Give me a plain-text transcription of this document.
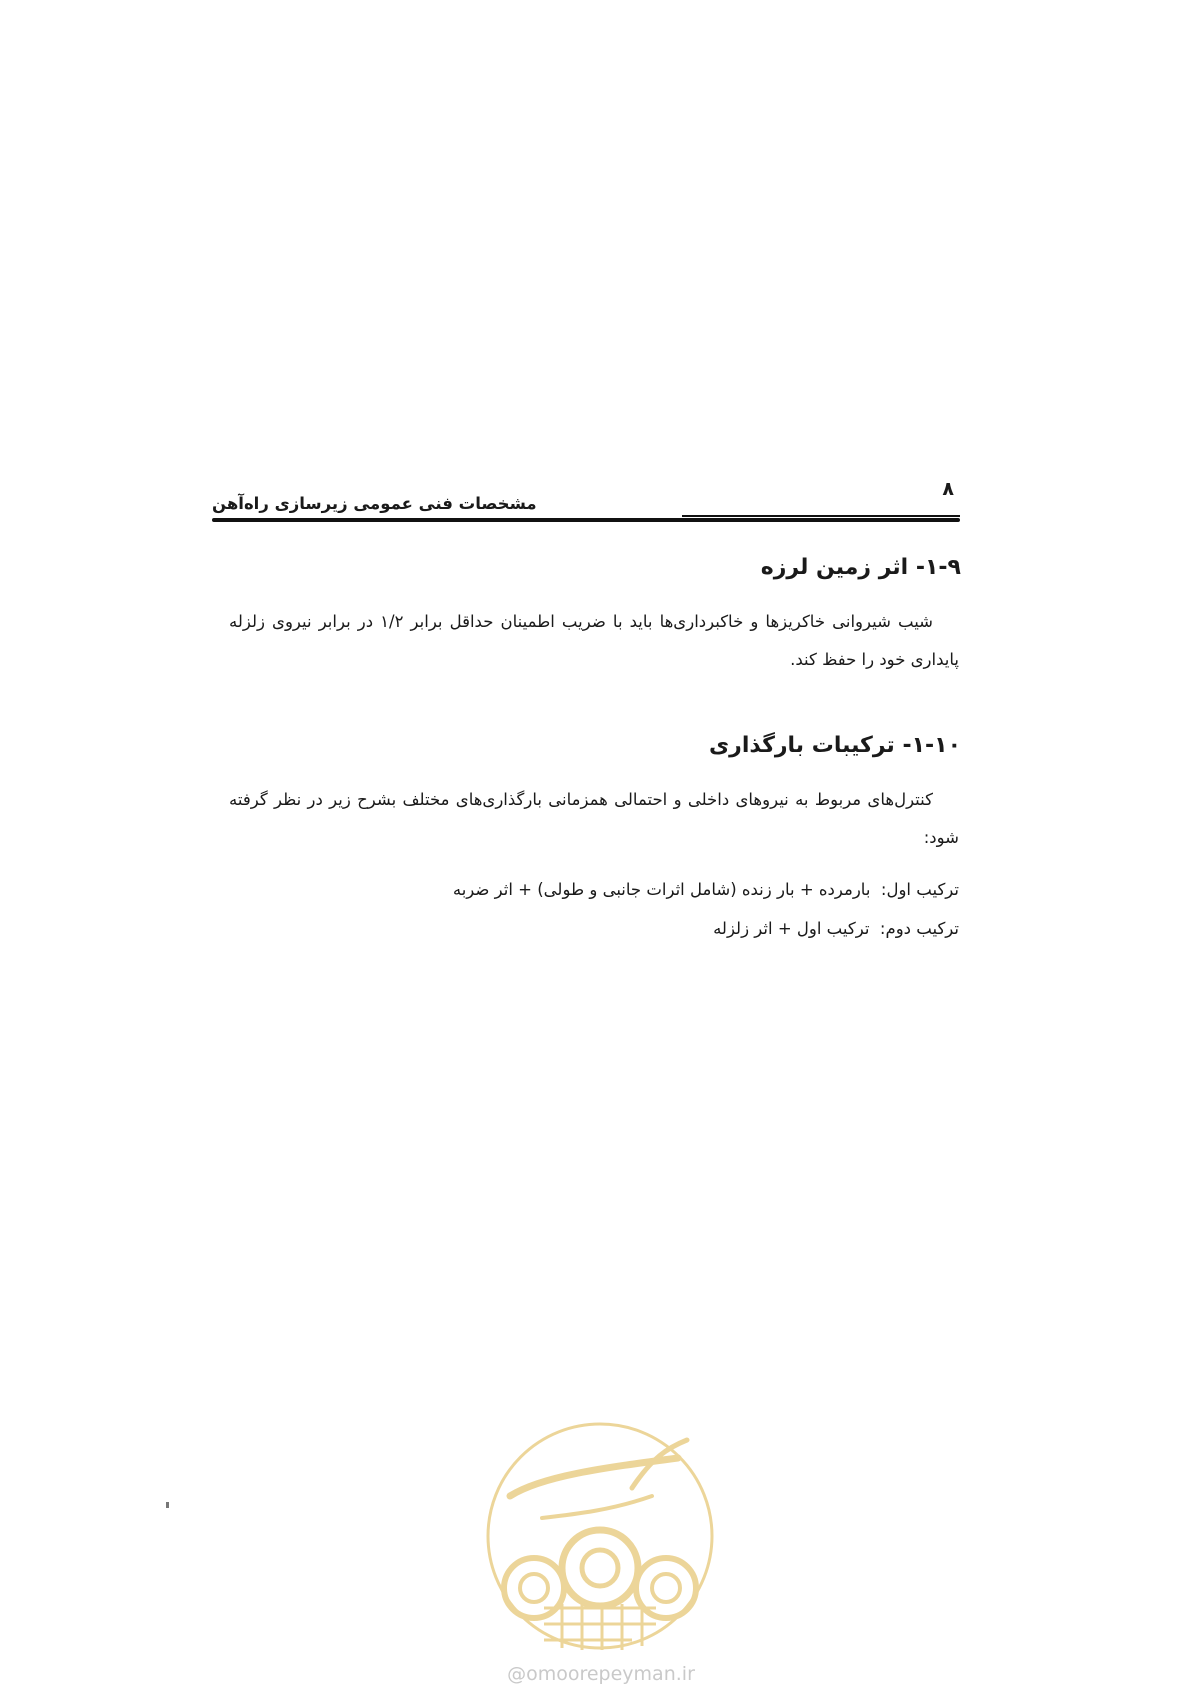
۸
مشخصات فنی عمومی زیرسازی راه‌آهن
۱-۹- اثر زمین لرزه
شیب شیروانی خاکریزها و خاکبرداری‌ها باید با ضریب اطمینان حداقل برابر ۱/۲ در برابر نیروی زلزله پایداری خود را حفظ کند.
۱-۱۰- ترکیبات بارگذاری
کنترل‌های مربوط به نیروهای داخلی و احتمالی همزمانی بارگذاری‌های مختلف بشرح زیر در نظر گرفته شود:
ترکیب اول:  بارمرده + بار زنده (شامل اثرات جانبی و طولی) + اثر ضربه
ترکیب دوم:  ترکیب اول + اثر زلزله
@omoorepeyman.ir
